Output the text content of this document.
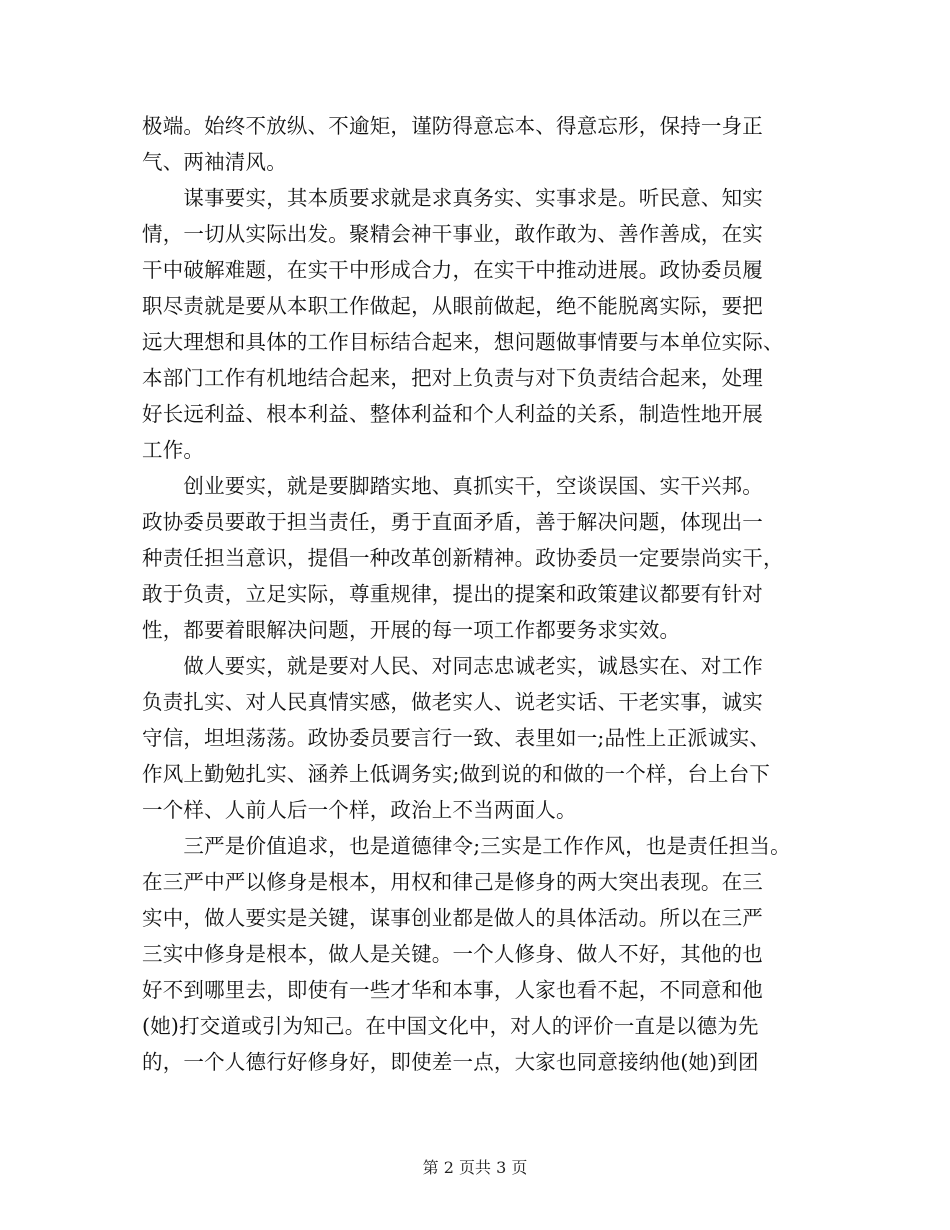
极端。始终不放纵、不逾矩，谨防得意忘本、得意忘形，保持一身正
气、两袖清风。
　　谋事要实，其本质要求就是求真务实、实事求是。听民意、知实
情，一切从实际出发。聚精会神干事业，敢作敢为、善作善成，在实
干中破解难题，在实干中形成合力，在实干中推动进展。政协委员履
职尽责就是要从本职工作做起，从眼前做起，绝不能脱离实际，要把
远大理想和具体的工作目标结合起来，想问题做事情要与本单位实际、
本部门工作有机地结合起来，把对上负责与对下负责结合起来，处理
好长远利益、根本利益、整体利益和个人利益的关系，制造性地开展
工作。
　　创业要实，就是要脚踏实地、真抓实干，空谈误国、实干兴邦。
政协委员要敢于担当责任，勇于直面矛盾，善于解决问题，体现出一
种责任担当意识，提倡一种改革创新精神。政协委员一定要崇尚实干，
敢于负责，立足实际，尊重规律，提出的提案和政策建议都要有针对
性，都要着眼解决问题，开展的每一项工作都要务求实效。
　　做人要实，就是要对人民、对同志忠诚老实，诚恳实在、对工作
负责扎实、对人民真情实感，做老实人、说老实话、干老实事，诚实
守信，坦坦荡荡。政协委员要言行一致、表里如一;品性上正派诚实、
作风上勤勉扎实、涵养上低调务实;做到说的和做的一个样，台上台下
一个样、人前人后一个样，政治上不当两面人。
　　三严是价值追求，也是道德律令;三实是工作作风，也是责任担当。
在三严中严以修身是根本，用权和律己是修身的两大突出表现。在三
实中，做人要实是关键，谋事创业都是做人的具体活动。所以在三严
三实中修身是根本，做人是关键。一个人修身、做人不好，其他的也
好不到哪里去，即使有一些才华和本事，人家也看不起，不同意和他
(她)打交道或引为知己。在中国文化中，对人的评价一直是以德为先
的，一个人德行好修身好，即使差一点，大家也同意接纳他(她)到团
第 2 页共 3 页
